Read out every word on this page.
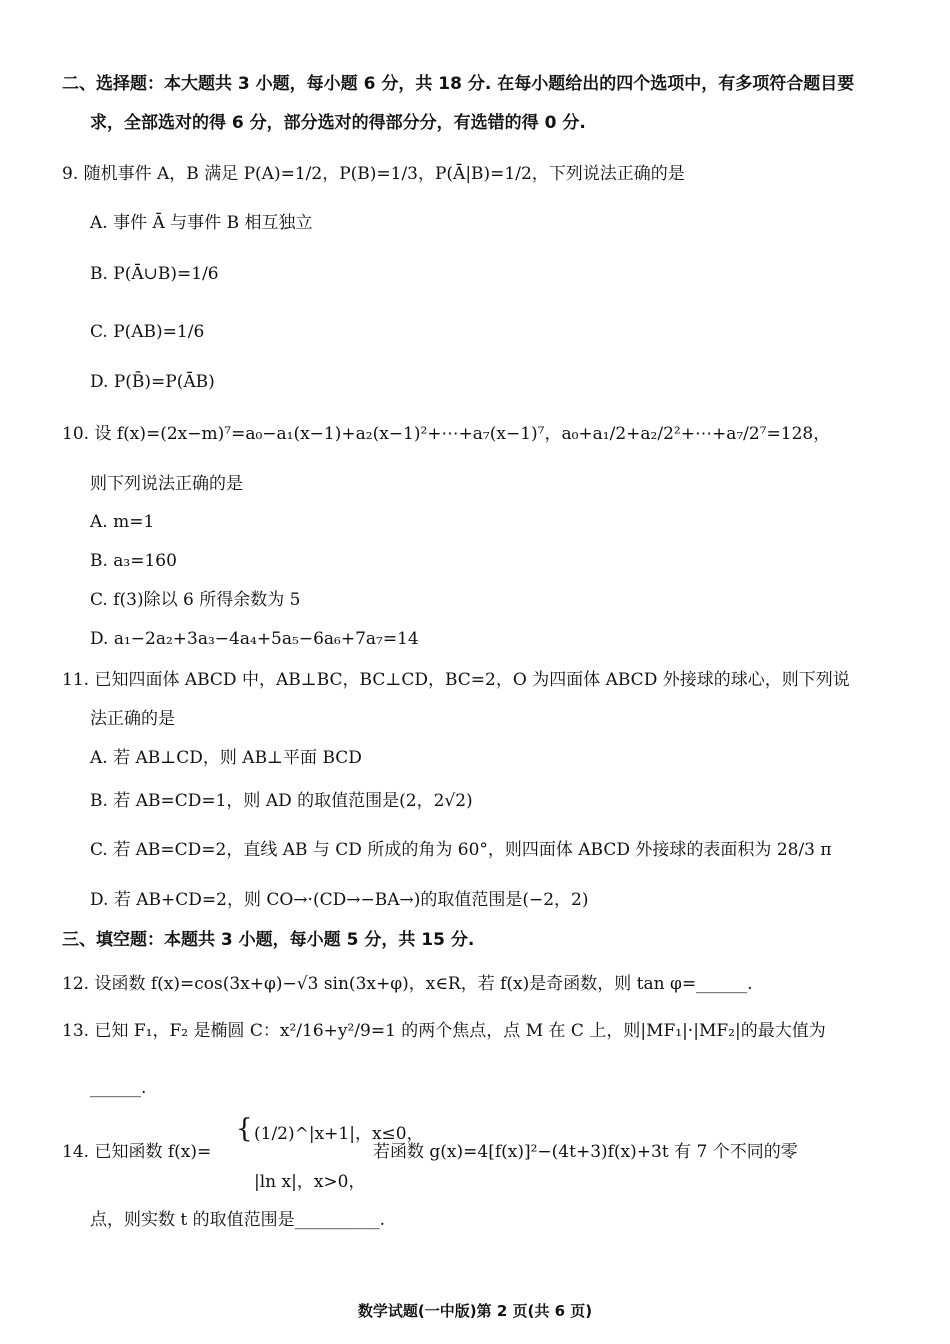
二、选择题：本大题共 3 小题，每小题 6 分，共 18 分. 在每小题给出的四个选项中，有多项符合题目要
求，全部选对的得 6 分，部分选对的得部分分，有选错的得 0 分.
9. 随机事件 A，B 满足 P(A)=1/2，P(B)=1/3，P(Ā|B)=1/2，下列说法正确的是
A. 事件 Ā 与事件 B 相互独立
B. P(Ā∪B)=1/6
C. P(AB)=1/6
D. P(B̄)=P(ĀB)
10. 设 f(x)=(2x−m)⁷=a₀−a₁(x−1)+a₂(x−1)²+⋯+a₇(x−1)⁷，a₀+a₁/2+a₂/2²+⋯+a₇/2⁷=128，
则下列说法正确的是
A. m=1
B. a₃=160
C. f(3)除以 6 所得余数为 5
D. a₁−2a₂+3a₃−4a₄+5a₅−6a₆+7a₇=14
11. 已知四面体 ABCD 中，AB⊥BC，BC⊥CD，BC=2，O 为四面体 ABCD 外接球的球心，则下列说
法正确的是
A. 若 AB⊥CD，则 AB⊥平面 BCD
B. 若 AB=CD=1，则 AD 的取值范围是(2，2√2)
C. 若 AB=CD=2，直线 AB 与 CD 所成的角为 60°，则四面体 ABCD 外接球的表面积为 28/3 π
D. 若 AB+CD=2，则 CO→·(CD→−BA→)的取值范围是(−2，2)
三、填空题：本题共 3 小题，每小题 5 分，共 15 分.
12. 设函数 f(x)=cos(3x+φ)−√3 sin(3x+φ)，x∈R，若 f(x)是奇函数，则 tan φ=______.
13. 已知 F₁，F₂ 是椭圆 C：x²/16+y²/9=1 的两个焦点，点 M 在 C 上，则|MF₁|·|MF₂|的最大值为
______.
14. 已知函数 f(x)=
{ (1/2)^|x+1|，x≤0，
|ln x|，x>0，
若函数 g(x)=4[f(x)]²−(4t+3)f(x)+3t 有 7 个不同的零
点，则实数 t 的取值范围是__________.
数学试题(一中版)第 2 页(共 6 页)
